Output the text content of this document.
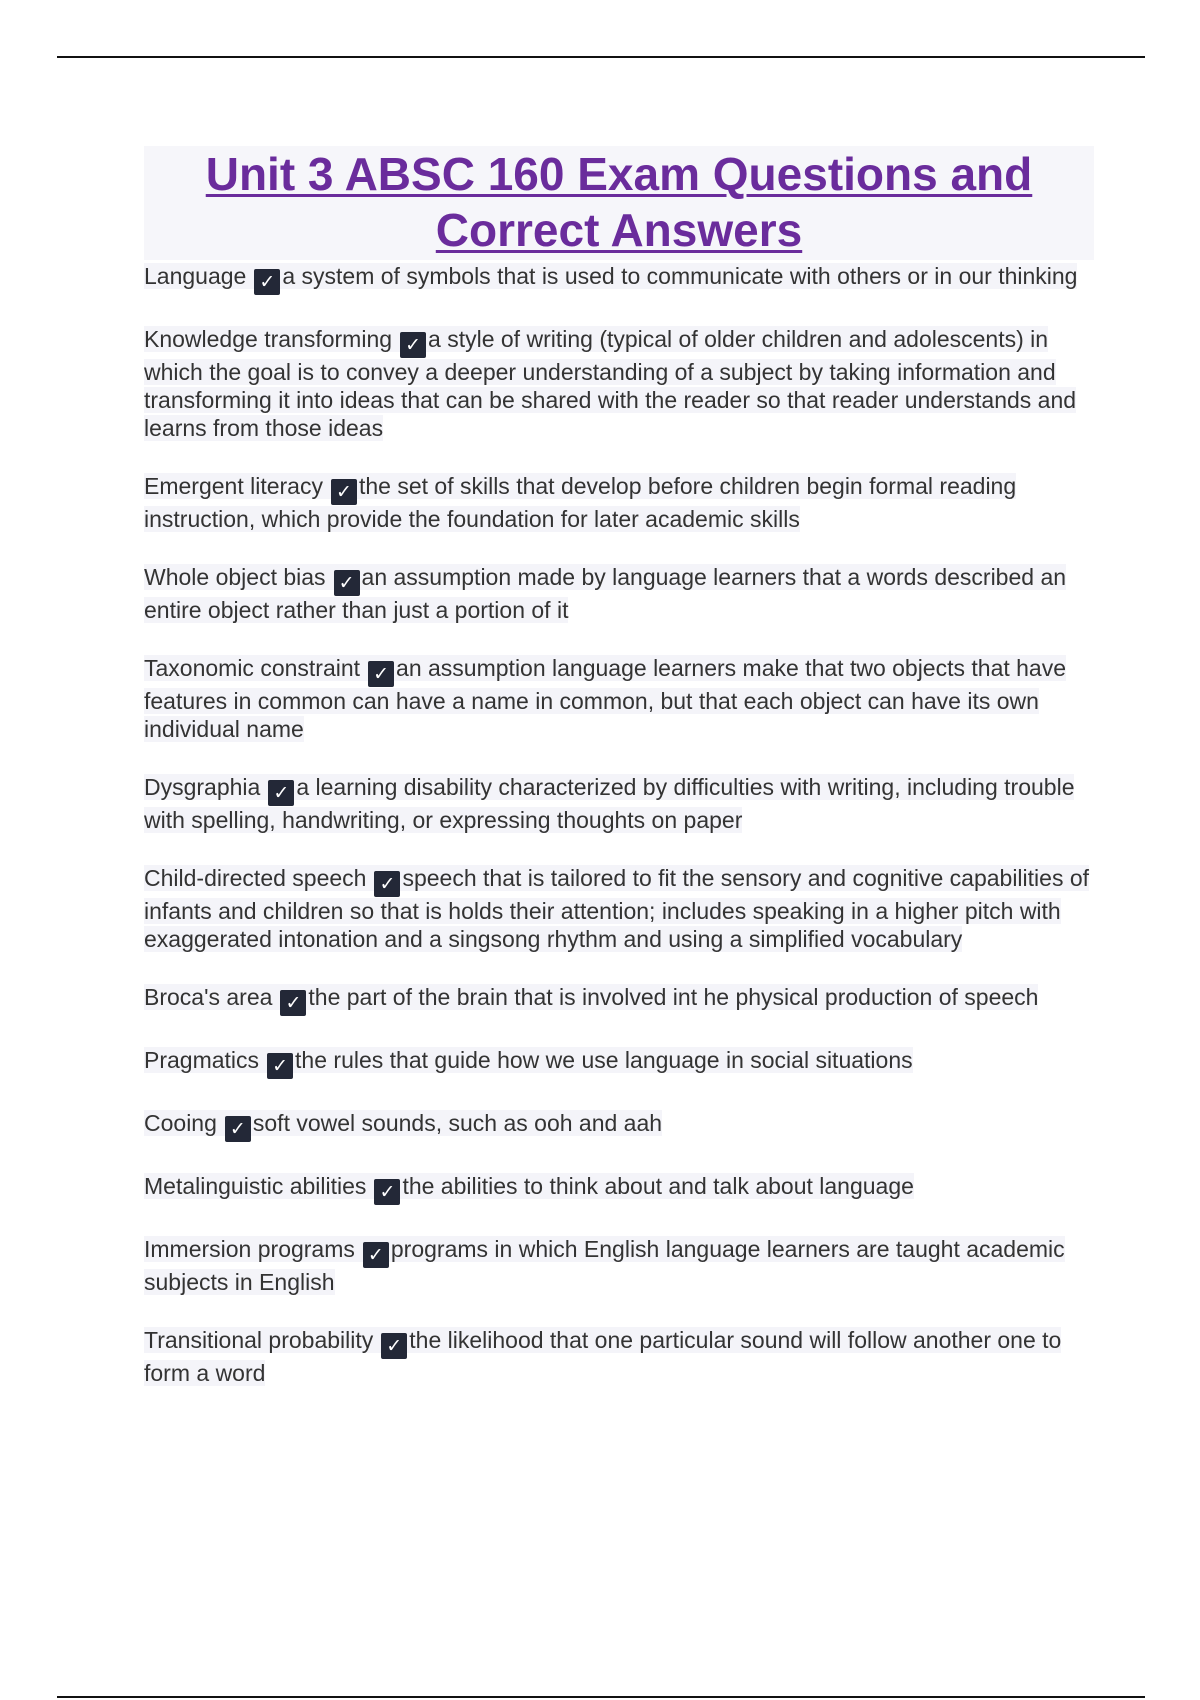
Unit 3 ABSC 160 Exam Questions and Correct Answers

Language ✓ a system of symbols that is used to communicate with others or in our thinking

Knowledge transforming ✓ a style of writing (typical of older children and adolescents) in which the goal is to convey a deeper understanding of a subject by taking information and transforming it into ideas that can be shared with the reader so that reader understands and learns from those ideas

Emergent literacy ✓ the set of skills that develop before children begin formal reading instruction, which provide the foundation for later academic skills

Whole object bias ✓ an assumption made by language learners that a words described an entire object rather than just a portion of it

Taxonomic constraint ✓ an assumption language learners make that two objects that have features in common can have a name in common, but that each object can have its own individual name

Dysgraphia ✓ a learning disability characterized by difficulties with writing, including trouble with spelling, handwriting, or expressing thoughts on paper

Child-directed speech ✓ speech that is tailored to fit the sensory and cognitive capabilities of infants and children so that is holds their attention; includes speaking in a higher pitch with exaggerated intonation and a singsong rhythm and using a simplified vocabulary

Broca's area ✓ the part of the brain that is involved int he physical production of speech

Pragmatics ✓ the rules that guide how we use language in social situations

Cooing ✓ soft vowel sounds, such as ooh and aah

Metalinguistic abilities ✓ the abilities to think about and talk about language

Immersion programs ✓ programs in which English language learners are taught academic subjects in English

Transitional probability ✓ the likelihood that one particular sound will follow another one to form a word
